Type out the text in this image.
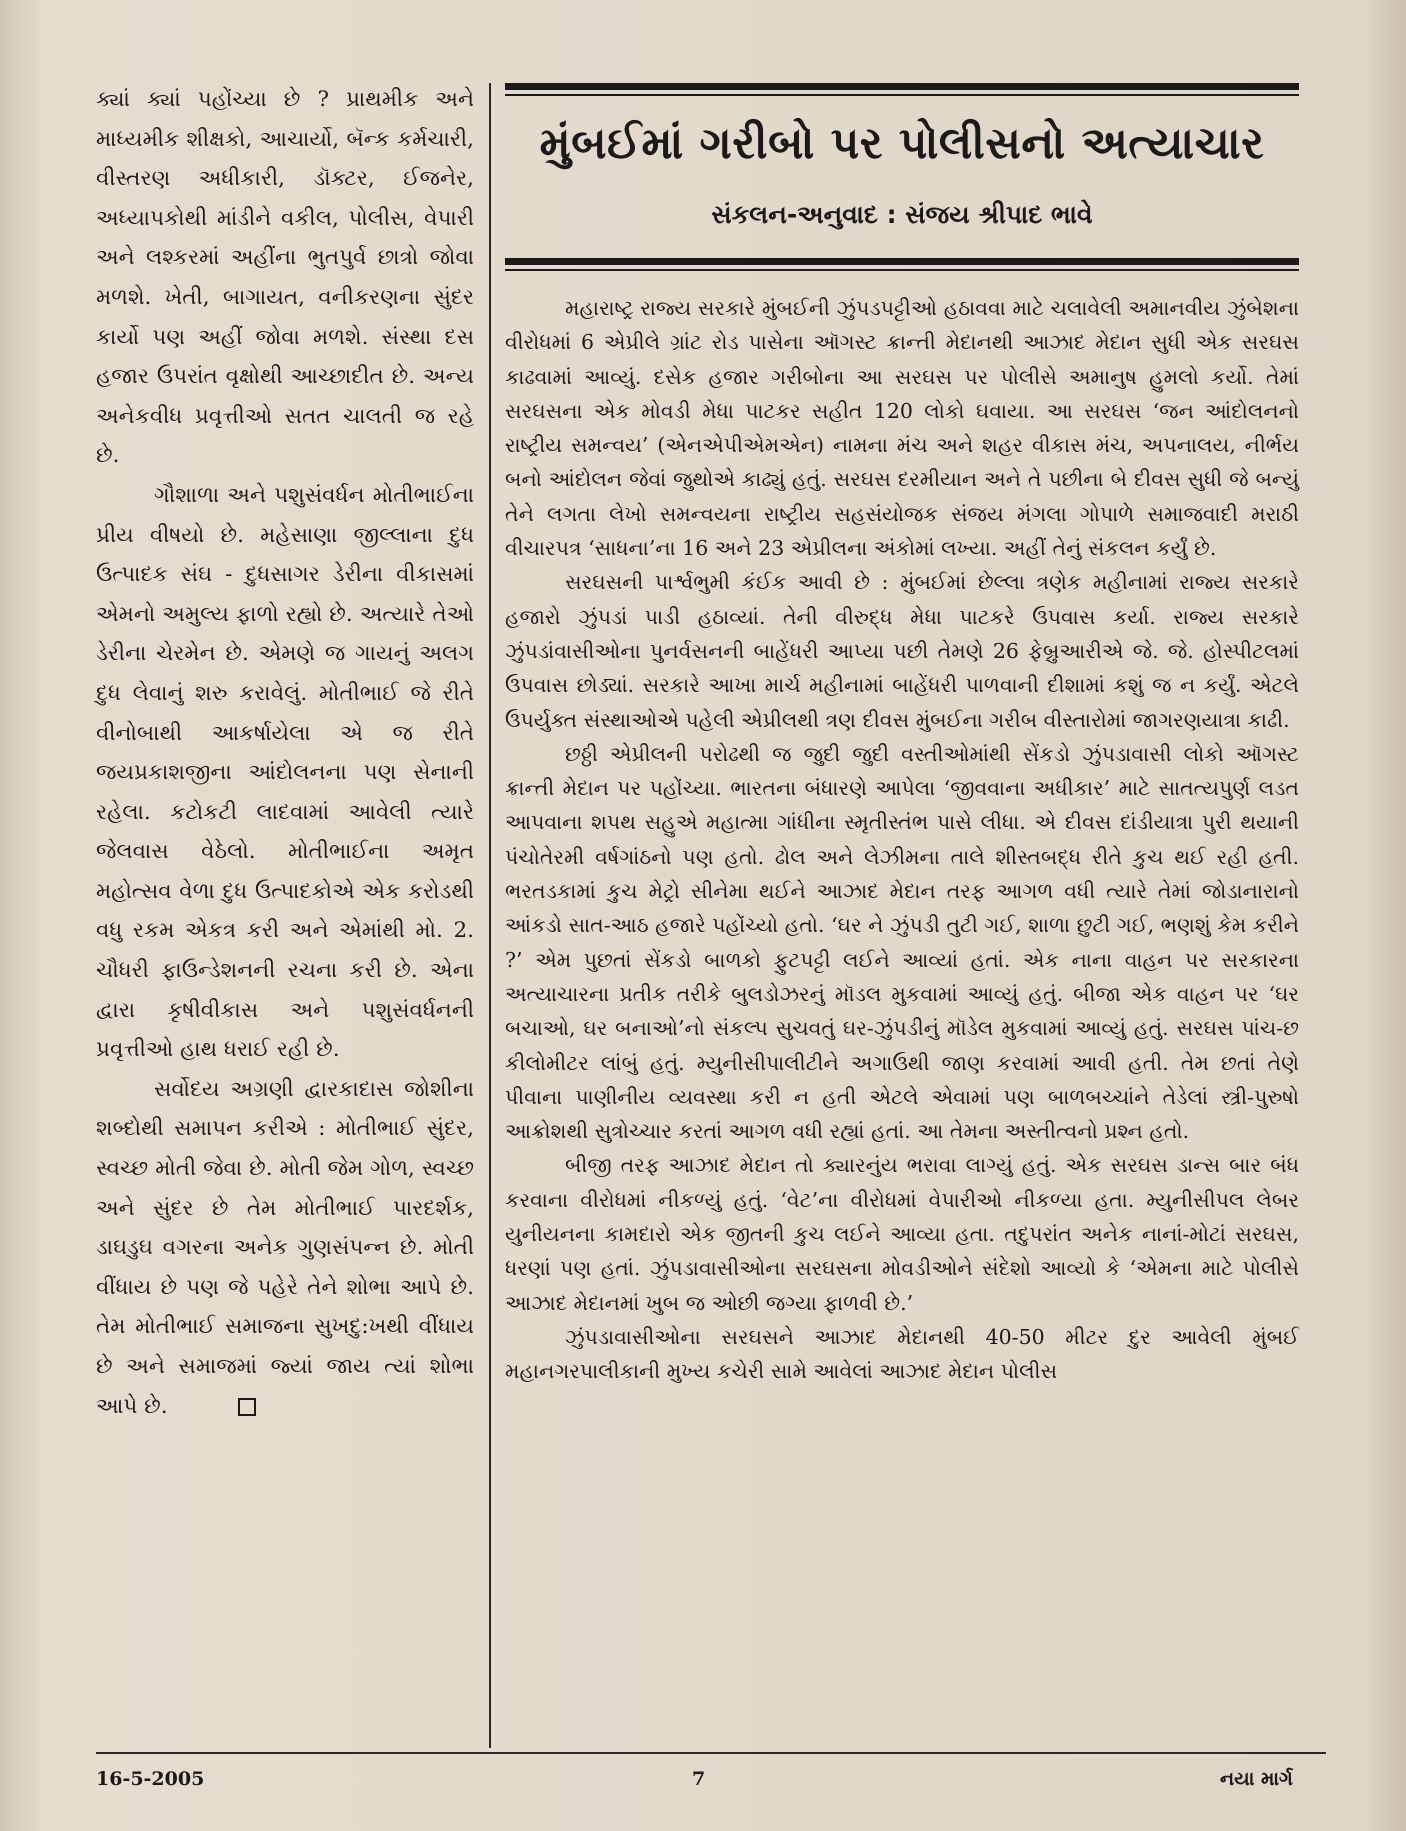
ક્યાં ક્યાં પહોંચ્યા છે ? પ્રાથમીક અને માધ્યમીક શીક્ષકો, આચાર્યો, બૅન્ક કર્મચારી, વીસ્તરણ અધીકારી, ડૉક્ટર, ઈજનેર, અધ્યાપકોથી માંડીને વકીલ, પોલીસ, વેપારી અને લશ્કરમાં અહીંના ભુતપુર્વ છાત્રો જોવા મળશે. ખેતી, બાગાયત, વનીકરણના સુંદર કાર્યો પણ અહીં જોવા મળશે. સંસ્થા દસ હજાર ઉપરાંત વૃક્ષોથી આચ્છાદીત છે. અન્ય અનેકવીધ પ્રવૃત્તીઓ સતત ચાલતી જ રહે છે.

ગૌશાળા અને પશુસંવર્ધન મોતીભાઈના પ્રીય વીષયો છે. મહેસાણા જીલ્લાના દુધ ઉત્પાદક સંઘ - દુધસાગર ડેરીના વીકાસમાં એમનો અમુલ્ય ફાળો રહ્યો છે. અત્યારે તેઓ ડેરીના ચેરમેન છે. એમણે જ ગાયનું અલગ દુધ લેવાનું શરુ કરાવેલું. મોતીભાઈ જે રીતે વીનોબાથી આકર્ષાયેલા એ જ રીતે જયપ્રકાશજીના આંદોલનના પણ સેનાની રહેલા. કટોકટી લાદવામાં આવેલી ત્યારે જેલવાસ વેઠેલો. મોતીભાઈના અમૃત મહોત્સવ વેળા દુધ ઉત્પાદકોએ એક કરોડથી વધુ રકમ એકત્ર કરી અને એમાંથી મો. 2. ચૌધરી ફાઉન્ડેશનની રચના કરી છે. એના દ્વારા કૃષીવીકાસ અને પશુસંવર્ધનની પ્રવૃત્તીઓ હાથ ધરાઈ રહી છે.

સર્વોદય અગ્રણી દ્વારકાદાસ જોશીના શબ્દોથી સમાપન કરીએ : મોતીભાઈ સુંદર, સ્વચ્છ મોતી જેવા છે. મોતી જેમ ગોળ, સ્વચ્છ અને સુંદર છે તેમ મોતીભાઈ પારદર્શક, ડાઘડુઘ વગરના અનેક ગુણસંપન્ન છે. મોતી વીંધાય છે પણ જે પહેરે તેને શોભા આપે છે. તેમ મોતીભાઈ સમાજના સુખદુ:ખથી વીંધાય છે અને સમાજમાં જ્યાં જાય ત્યાં શોભા આપે છે.

મુંબઈમાં ગરીબો પર પોલીસનો અત્યાચાર
સંકલન-અનુવાદ : સંજય શ્રીપાદ ભાવે

મહારાષ્ટ્ર રાજ્ય સરકારે મુંબઈની ઝુંપડપટ્ટીઓ હઠાવવા માટે ચલાવેલી અમાનવીય ઝુંબેશના વીરોધમાં 6 એપ્રીલે ગ્રાંટ રોડ પાસેના ઑગસ્ટ ક્રાન્તી મેદાનથી આઝાદ મેદાન સુધી એક સરઘસ કાઢવામાં આવ્યું. દસેક હજાર ગરીબોના આ સરઘસ પર પોલીસે અમાનુષ હુમલો કર્યો. તેમાં સરઘસના એક મોવડી મેધા પાટકર સહીત 120 લોકો ઘવાયા. આ સરઘસ ‘જન આંદોલનનો રાષ્ટ્રીય સમન્વય’ (એનએપીએમએન) નામના મંચ અને શહર વીકાસ મંચ, અપનાલય, નીર્ભય બનો આંદોલન જેવાં જુથોએ કાઢ્યું હતું. સરઘસ દરમીયાન અને તે પછીના બે દીવસ સુધી જે બન્યું તેને લગતા લેખો સમન્વયના રાષ્ટ્રીય સહસંયોજક સંજય મંગલા ગોપાળે સમાજવાદી મરાઠી વીચારપત્ર ‘સાધના’ના 16 અને 23 એપ્રીલના અંકોમાં લખ્યા. અહીં તેનું સંકલન કર્યું છે.

સરઘસની પાર્શ્વભુમી કંઈક આવી છે : મુંબઈમાં છેલ્લા ત્રણેક મહીનામાં રાજ્ય સરકારે હજારો ઝુંપડાં પાડી હઠાવ્યાં. તેની વીરુદ્ધ મેધા પાટકરે ઉપવાસ કર્યા. રાજ્ય સરકારે ઝુંપડાંવાસીઓના પુનર્વસનની બાહેંધરી આપ્યા પછી તેમણે 26 ફેબ્રુઆરીએ જે. જે. હોસ્પીટલમાં ઉપવાસ છોડ્યાં. સરકારે આખા માર્ચ મહીનામાં બાહેંધરી પાળવાની દીશામાં કશું જ ન કર્યું. એટલે ઉપર્યુક્ત સંસ્થાઓએ પહેલી એપ્રીલથી ત્રણ દીવસ મુંબઈના ગરીબ વીસ્તારોમાં જાગરણયાત્રા કાઢી.

છઠ્ઠી એપ્રીલની પરોઢથી જ જુદી જુદી વસ્તીઓમાંથી સેંકડો ઝુંપડાવાસી લોકો ઑગસ્ટ ક્રાન્તી મેદાન પર પહોંચ્યા. ભારતના બંધારણે આપેલા ‘જીવવાના અધીકાર’ માટે સાતત્યપુર્ણ લડત આપવાના શપથ સહુએ મહાત્મા ગાંધીના સ્મૃતીસ્તંભ પાસે લીધા. એ દીવસ દાંડીયાત્રા પુરી થયાની પંચોતેરમી વર્ષગાંઠનો પણ હતો. ઢોલ અને લેઝીમના તાલે શીસ્તબદ્ધ રીતે કુચ થઈ રહી હતી. ભરતડકામાં કુચ મેટ્રો સીનેમા થઈને આઝાદ મેદાન તરફ આગળ વધી ત્યારે તેમાં જોડાનારાનો આંકડો સાત-આઠ હજારે પહોંચ્યો હતો. ‘ઘર ને ઝુંપડી તુટી ગઈ, શાળા છુટી ગઈ, ભણશું કેમ કરીને ?’ એમ પુછતાં સેંકડો બાળકો ફુટપટ્ટી લઈને આવ્યાં હતાં. એક નાના વાહન પર સરકારના અત્યાચારના પ્રતીક તરીકે બુલડોઝરનું મૉડલ મુકવામાં આવ્યું હતું. બીજા એક વાહન પર ‘ઘર બચાઓ, ઘર બનાઓ’નો સંકલ્પ સુચવતું ઘર-ઝુંપડીનું મૉડેલ મુકવામાં આવ્યું હતું. સરઘસ પાંચ-છ કીલોમીટર લાંબું હતું. મ્યુનીસીપાલીટીને અગાઉથી જાણ કરવામાં આવી હતી. તેમ છતાં તેણે પીવાના પાણીનીય વ્યવસ્થા કરી ન હતી એટલે એવામાં પણ બાળબચ્ચાંને તેડેલાં સ્ત્રી-પુરુષો આક્રોશથી સુત્રોચ્ચાર કરતાં આગળ વધી રહ્યાં હતાં. આ તેમના અસ્તીત્વનો પ્રશ્ન હતો.

બીજી તરફ આઝાદ મેદાન તો ક્યારનુંય ભરાવા લાગ્યું હતું. એક સરઘસ ડાન્સ બાર બંધ કરવાના વીરોધમાં નીકળ્યું હતું. ‘વેટ’ના વીરોધમાં વેપારીઓ નીકળ્યા હતા. મ્યુનીસીપલ લેબર યુનીયનના કામદારો એક જીતની કુચ લઈને આવ્યા હતા. તદુપરાંત અનેક નાનાં-મોટાં સરઘસ, ધરણાં પણ હતાં. ઝુંપડાવાસીઓના સરઘસના મોવડીઓને સંદેશો આવ્યો કે ‘એમના માટે પોલીસે આઝાદ મેદાનમાં ખુબ જ ઓછી જગ્યા ફાળવી છે.’

ઝુંપડાવાસીઓના સરઘસને આઝાદ મેદાનથી 40-50 મીટર દુર આવેલી મુંબઈ મહાનગરપાલીકાની મુખ્ય કચેરી સામે આવેલાં આઝાદ મેદાન પોલીસ

16-5-2005	7	નયા માર્ગ
